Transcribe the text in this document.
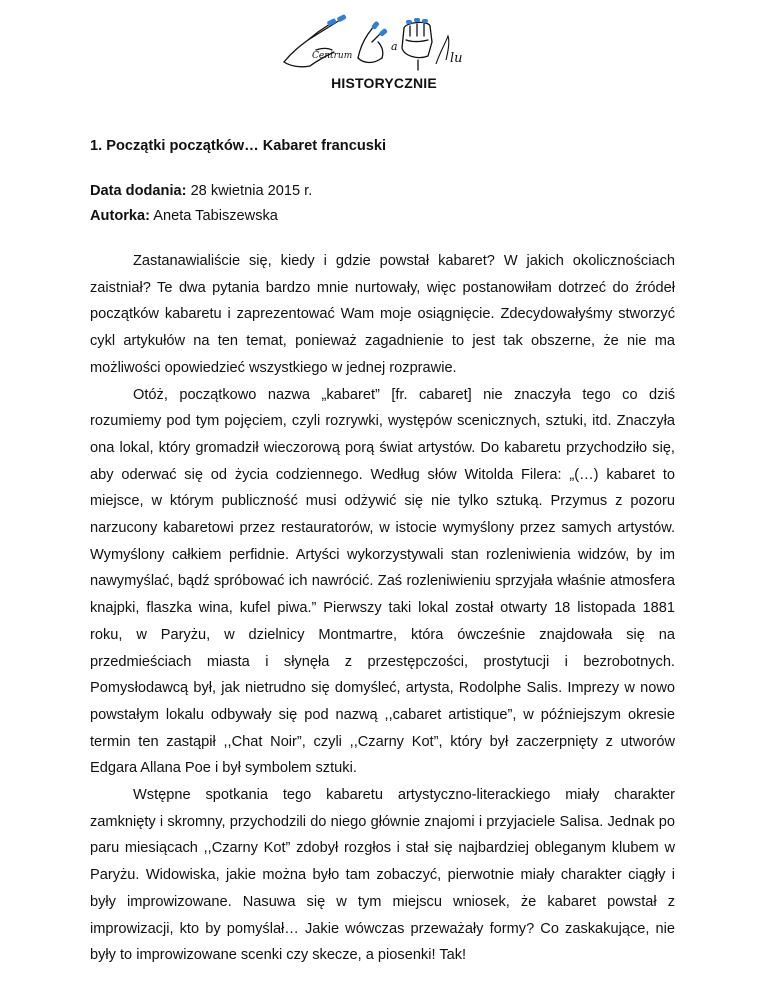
Centrum
a
lu
HISTORYCZNIE

1. Początki początków… Kabaret francuski

Data dodania: 28 kwietnia 2015 r.

Autorka: Aneta Tabiszewska

Zastanawialiście się, kiedy i gdzie powstał kabaret? W jakich okolicznościach zaistniał? Te dwa pytania bardzo mnie nurtowały, więc postanowiłam dotrzeć do źródeł początków kabaretu i zaprezentować Wam moje osiągnięcie. Zdecydowałyśmy stworzyć cykl artykułów na ten temat, ponieważ zagadnienie to jest tak obszerne, że nie ma możliwości opowiedzieć wszystkiego w jednej rozprawie.

Otóż, początkowo nazwa „kabaret” [fr. cabaret] nie znaczyła tego co dziś rozumiemy pod tym pojęciem, czyli rozrywki, występów scenicznych, sztuki, itd. Znaczyła ona lokal, który gromadził wieczorową porą świat artystów. Do kabaretu przychodziło się, aby oderwać się od życia codziennego. Według słów Witolda Filera: „(…) kabaret to miejsce, w którym publiczność musi odżywić się nie tylko sztuką. Przymus z pozoru narzucony kabaretowi przez restauratorów, w istocie wymyślony przez samych artystów. Wymyślony całkiem perfidnie. Artyści wykorzystywali stan rozleniwienia widzów, by im nawymyślać, bądź spróbować ich nawrócić. Zaś rozleniwieniu sprzyjała właśnie atmosfera knajpki, flaszka wina, kufel piwa.” Pierwszy taki lokal został otwarty 18 listopada 1881 roku, w Paryżu, w dzielnicy Montmartre, która ówcześnie znajdowała się na przedmieściach miasta i słynęła z przestępczości, prostytucji i bezrobotnych. Pomysłodawcą był, jak nietrudno się domyśleć, artysta, Rodolphe Salis. Imprezy w nowo powstałym lokalu odbywały się pod nazwą ,,cabaret artistique”, w późniejszym okresie termin ten zastąpił ,,Chat Noir”, czyli ,,Czarny Kot”, który był zaczerpnięty z utworów Edgara Allana Poe i był symbolem sztuki.

Wstępne spotkania tego kabaretu artystyczno-literackiego miały charakter zamknięty i skromny, przychodzili do niego głównie znajomi i przyjaciele Salisa. Jednak po paru miesiącach ,,Czarny Kot” zdobył rozgłos i stał się najbardziej obleganym klubem w Paryżu. Widowiska, jakie można było tam zobaczyć, pierwotnie miały charakter ciągły i były improwizowane. Nasuwa się w tym miejscu wniosek, że kabaret powstał z improwizacji, kto by pomyślał… Jakie wówczas przeważały formy? Co zaskakujące, nie były to improwizowane scenki czy skecze, a piosenki! Tak!
